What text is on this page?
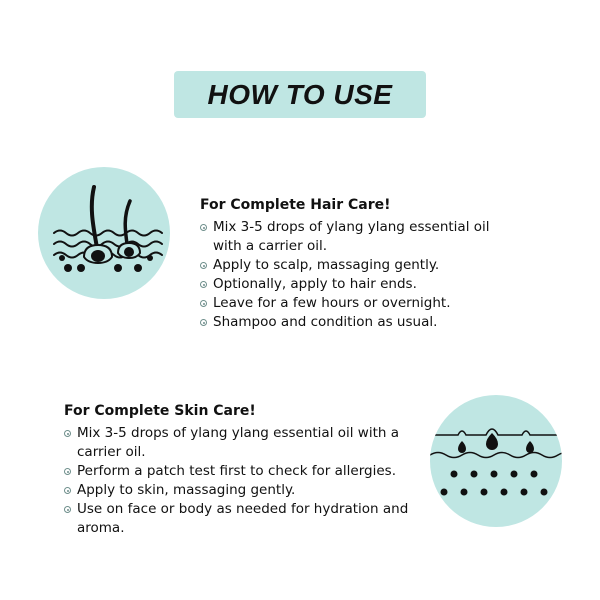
HOW TO USE
For Complete Hair Care!
Mix 3-5 drops of ylang ylang essential oil with a carrier oil.
Apply to scalp, massaging gently.
Optionally, apply to hair ends.
Leave for a few hours or overnight.
Shampoo and condition as usual.
For Complete Skin Care!
Mix 3-5 drops of ylang ylang essential oil with a carrier oil.
Perform a patch test first to check for allergies.
Apply to skin, massaging gently.
Use on face or body as needed for hydration and aroma.
